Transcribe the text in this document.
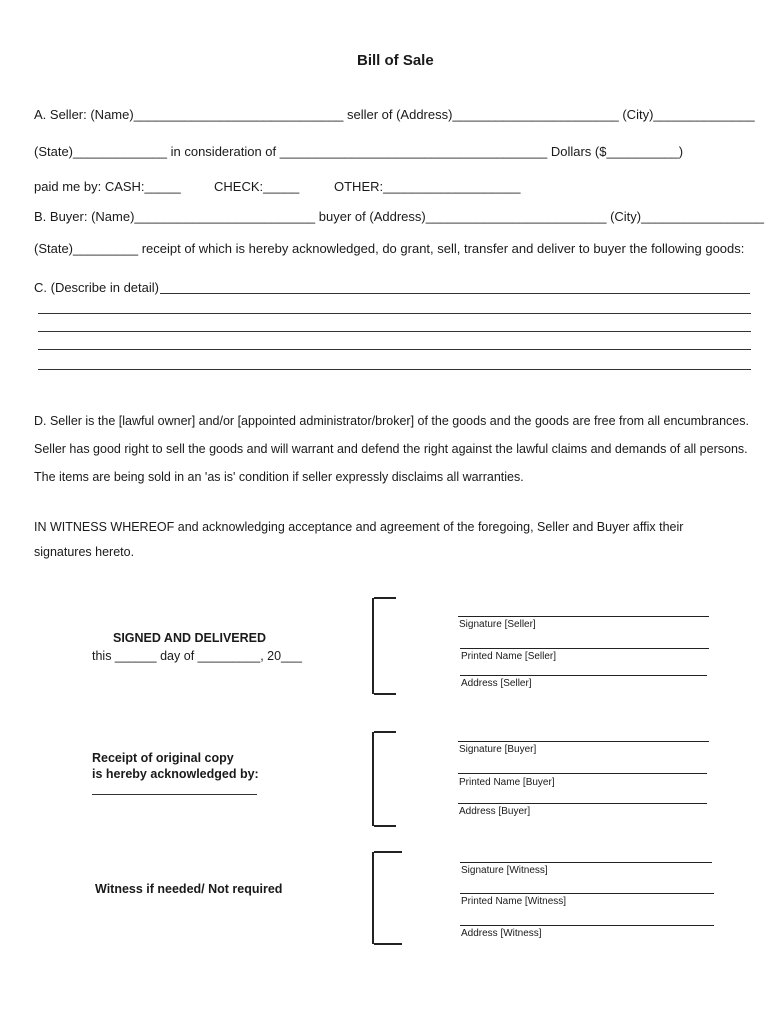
Bill of Sale
A. Seller: (Name)_____________________________ seller of (Address)_______________________ (City)______________
(State)_____________ in consideration of _____________________________________ Dollars ($__________)
paid me by: CASH:_____	CHECK:_____	OTHER:___________________
B. Buyer: (Name)_________________________ buyer of (Address)_________________________ (City)_________________
(State)_________ receipt of which is hereby acknowledged, do grant, sell, transfer and deliver to buyer the following goods:
C. (Describe in detail)
D. Seller is the [lawful owner] and/or [appointed administrator/broker] of the goods and the goods are free from all encumbrances.
Seller has good right to sell the goods and will warrant and defend the right against the lawful claims and demands of all persons.
The items are being sold in an 'as is' condition if seller expressly disclaims all warranties.
IN WITNESS WHEREOF and acknowledging acceptance and agreement of the foregoing, Seller and Buyer affix their
signatures hereto.
SIGNED AND DELIVERED
this ______ day of _________, 20___
Signature [Seller]
Printed Name [Seller]
Address [Seller]
Receipt of original copy
is hereby acknowledged by:
Signature [Buyer]
Printed Name [Buyer]
Address [Buyer]
Witness if needed/ Not required
Signature [Witness]
Printed Name [Witness]
Address [Witness]
